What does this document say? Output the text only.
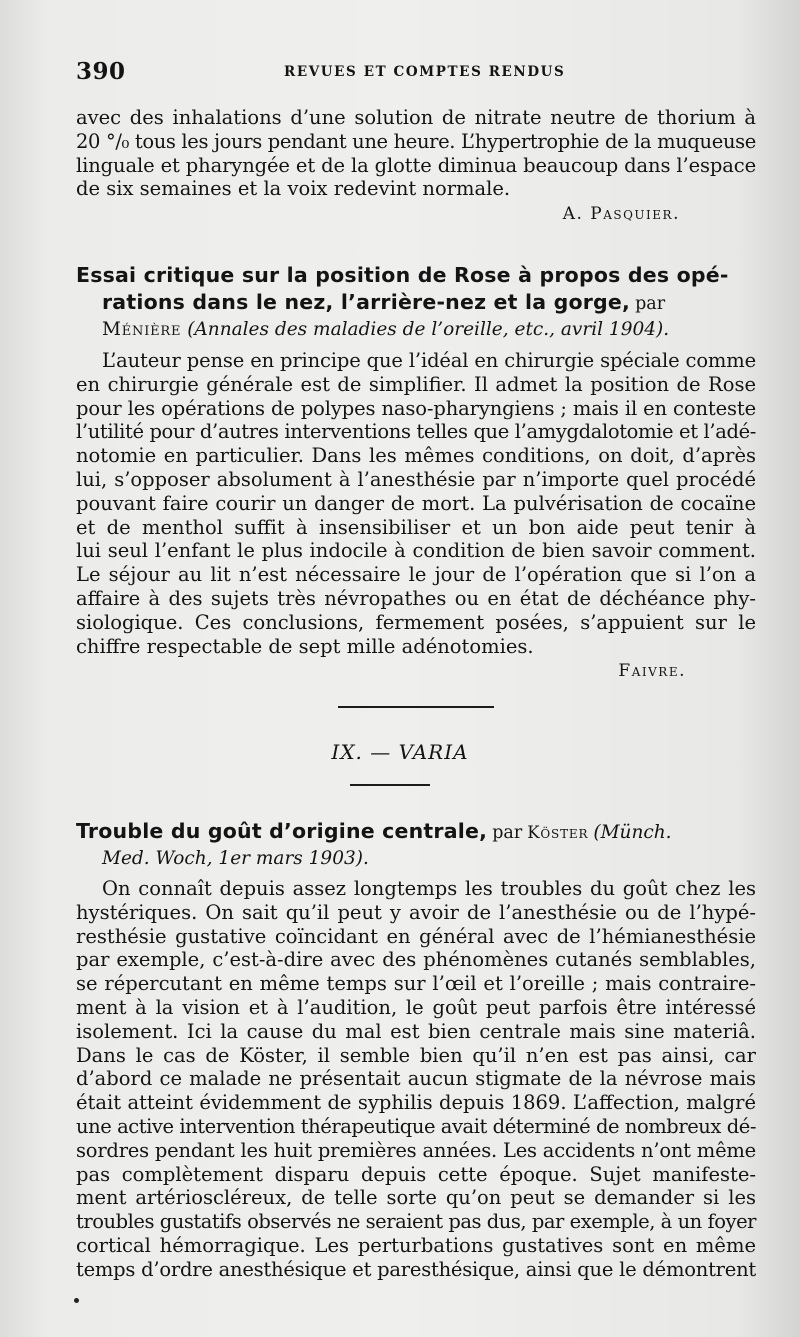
390	REVUES ET COMPTES RENDUS
avec des inhalations d’une solution de nitrate neutre de thorium à
20 °/₀ tous les jours pendant une heure. L’hypertrophie de la muqueuse
linguale et pharyngée et de la glotte diminua beaucoup dans l’espace
de six semaines et la voix redevint normale.
A. Pasquier.
Essai critique sur la position de Rose à propos des opé-
rations dans le nez, l’arrière-nez et la gorge, par
Ménière (Annales des maladies de l’oreille, etc., avril 1904).
L’auteur pense en principe que l’idéal en chirurgie spéciale comme
en chirurgie générale est de simplifier. Il admet la position de Rose
pour les opérations de polypes naso-pharyngiens ; mais il en conteste
l’utilité pour d’autres interventions telles que l’amygdalotomie et l’adé-
notomie en particulier. Dans les mêmes conditions, on doit, d’après
lui, s’opposer absolument à l’anesthésie par n’importe quel procédé
pouvant faire courir un danger de mort. La pulvérisation de cocaïne
et de menthol suffit à insensibiliser et un bon aide peut tenir à
lui seul l’enfant le plus indocile à condition de bien savoir comment.
Le séjour au lit n’est nécessaire le jour de l’opération que si l’on a
affaire à des sujets très névropathes ou en état de déchéance phy-
siologique. Ces conclusions, fermement posées, s’appuient sur le
chiffre respectable de sept mille adénotomies.
Faivre.
IX. — VARIA
Trouble du goût d’origine centrale, par Köster (Münch.
Med. Woch, 1er mars 1903).
On connaît depuis assez longtemps les troubles du goût chez les
hystériques. On sait qu’il peut y avoir de l’anesthésie ou de l’hypé-
resthésie gustative coïncidant en général avec de l’hémianesthésie
par exemple, c’est-à-dire avec des phénomènes cutanés semblables,
se répercutant en même temps sur l’œil et l’oreille ; mais contraire-
ment à la vision et à l’audition, le goût peut parfois être intéressé
isolement. Ici la cause du mal est bien centrale mais sine materiâ.
Dans le cas de Köster, il semble bien qu’il n’en est pas ainsi, car
d’abord ce malade ne présentait aucun stigmate de la névrose mais
était atteint évidemment de syphilis depuis 1869. L’affection, malgré
une active intervention thérapeutique avait déterminé de nombreux dé-
sordres pendant les huit premières années. Les accidents n’ont même
pas complètement disparu depuis cette époque. Sujet manifeste-
ment artérioscléreux, de telle sorte qu’on peut se demander si les
troubles gustatifs observés ne seraient pas dus, par exemple, à un foyer
cortical hémorragique. Les perturbations gustatives sont en même
temps d’ordre anesthésique et paresthésique, ainsi que le démontrent
